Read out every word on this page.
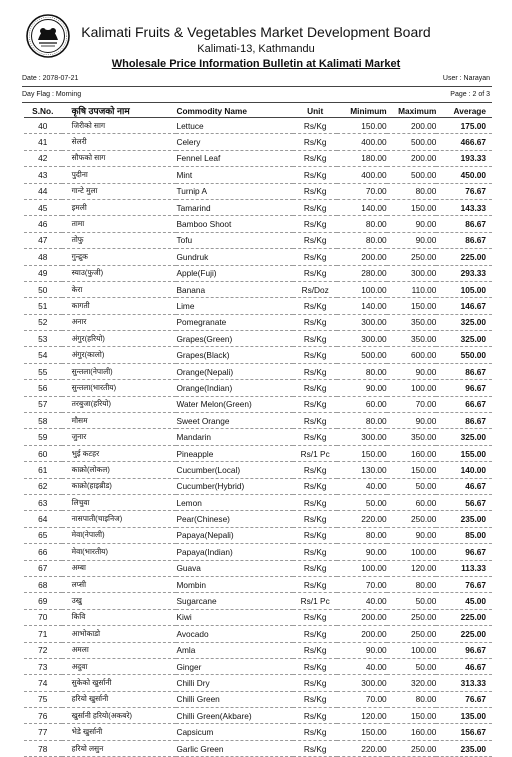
Kalimati Fruits & Vegetables Market Development Board
Kalimati-13, Kathmandu
Wholesale Price Information Bulletin at Kalimati Market
Date : 2078-07-21	User : Narayan
Day Flag : Morning	Page : 2 of 3
S.No.	कृषि उपजको नाम	Commodity Name	Unit	Minimum	Maximum	Average
40	जिरीको साग	Lettuce	Rs/Kg	150.00	200.00	175.00
41	सेलरी	Celery	Rs/Kg	400.00	500.00	466.67
42	सौफको साग	Fennel Leaf	Rs/Kg	180.00	200.00	193.33
43	पुदीना	Mint	Rs/Kg	400.00	500.00	450.00
44	गान्टे मुला	Turnip A	Rs/Kg	70.00	80.00	76.67
45	इमली	Tamarind	Rs/Kg	140.00	150.00	143.33
46	तामा	Bamboo Shoot	Rs/Kg	80.00	90.00	86.67
47	तोफु	Tofu	Rs/Kg	80.00	90.00	86.67
48	गुन्द्रुक	Gundruk	Rs/Kg	200.00	250.00	225.00
49	स्याउ(फुजी)	Apple(Fuji)	Rs/Kg	280.00	300.00	293.33
50	केरा	Banana	Rs/Doz	100.00	110.00	105.00
51	कागती	Lime	Rs/Kg	140.00	150.00	146.67
52	अनार	Pomegranate	Rs/Kg	300.00	350.00	325.00
53	अंगुर(हरियो)	Grapes(Green)	Rs/Kg	300.00	350.00	325.00
54	अंगुर(कालो)	Grapes(Black)	Rs/Kg	500.00	600.00	550.00
55	सुन्तला(नेपाली)	Orange(Nepali)	Rs/Kg	80.00	90.00	86.67
56	सुन्तला(भारतीय)	Orange(Indian)	Rs/Kg	90.00	100.00	96.67
57	तरबुजा(हरियो)	Water Melon(Green)	Rs/Kg	60.00	70.00	66.67
58	मौसम	Sweet Orange	Rs/Kg	80.00	90.00	86.67
59	जुनार	Mandarin	Rs/Kg	300.00	350.00	325.00
60	भुई कटहर	Pineapple	Rs/1 Pc	150.00	160.00	155.00
61	काक्रो(लोकल)	Cucumber(Local)	Rs/Kg	130.00	150.00	140.00
62	काक्रो(हाइब्रीड)	Cucumber(Hybrid)	Rs/Kg	40.00	50.00	46.67
63	लिचुवा	Lemon	Rs/Kg	50.00	60.00	56.67
64	नासपाती(चाइनिज)	Pear(Chinese)	Rs/Kg	220.00	250.00	235.00
65	मेवा(नेपाली)	Papaya(Nepali)	Rs/Kg	80.00	90.00	85.00
66	मेवा(भारतीय)	Papaya(Indian)	Rs/Kg	90.00	100.00	96.67
67	अम्बा	Guava	Rs/Kg	100.00	120.00	113.33
68	लप्सी	Mombin	Rs/Kg	70.00	80.00	76.67
69	उखु	Sugarcane	Rs/1 Pc	40.00	50.00	45.00
70	किवि	Kiwi	Rs/Kg	200.00	250.00	225.00
71	आभोकाडो	Avocado	Rs/Kg	200.00	250.00	225.00
72	अमला	Amla	Rs/Kg	90.00	100.00	96.67
73	अदुवा	Ginger	Rs/Kg	40.00	50.00	46.67
74	सुकेको खुर्सानी	Chilli Dry	Rs/Kg	300.00	320.00	313.33
75	हरियो खुर्सानी	Chilli Green	Rs/Kg	70.00	80.00	76.67
76	खुर्सानी हरियो(अकबरे)	Chilli Green(Akbare)	Rs/Kg	120.00	150.00	135.00
77	भेडे खुर्सानी	Capsicum	Rs/Kg	150.00	160.00	156.67
78	हरियो लसुन	Garlic Green	Rs/Kg	220.00	250.00	235.00
